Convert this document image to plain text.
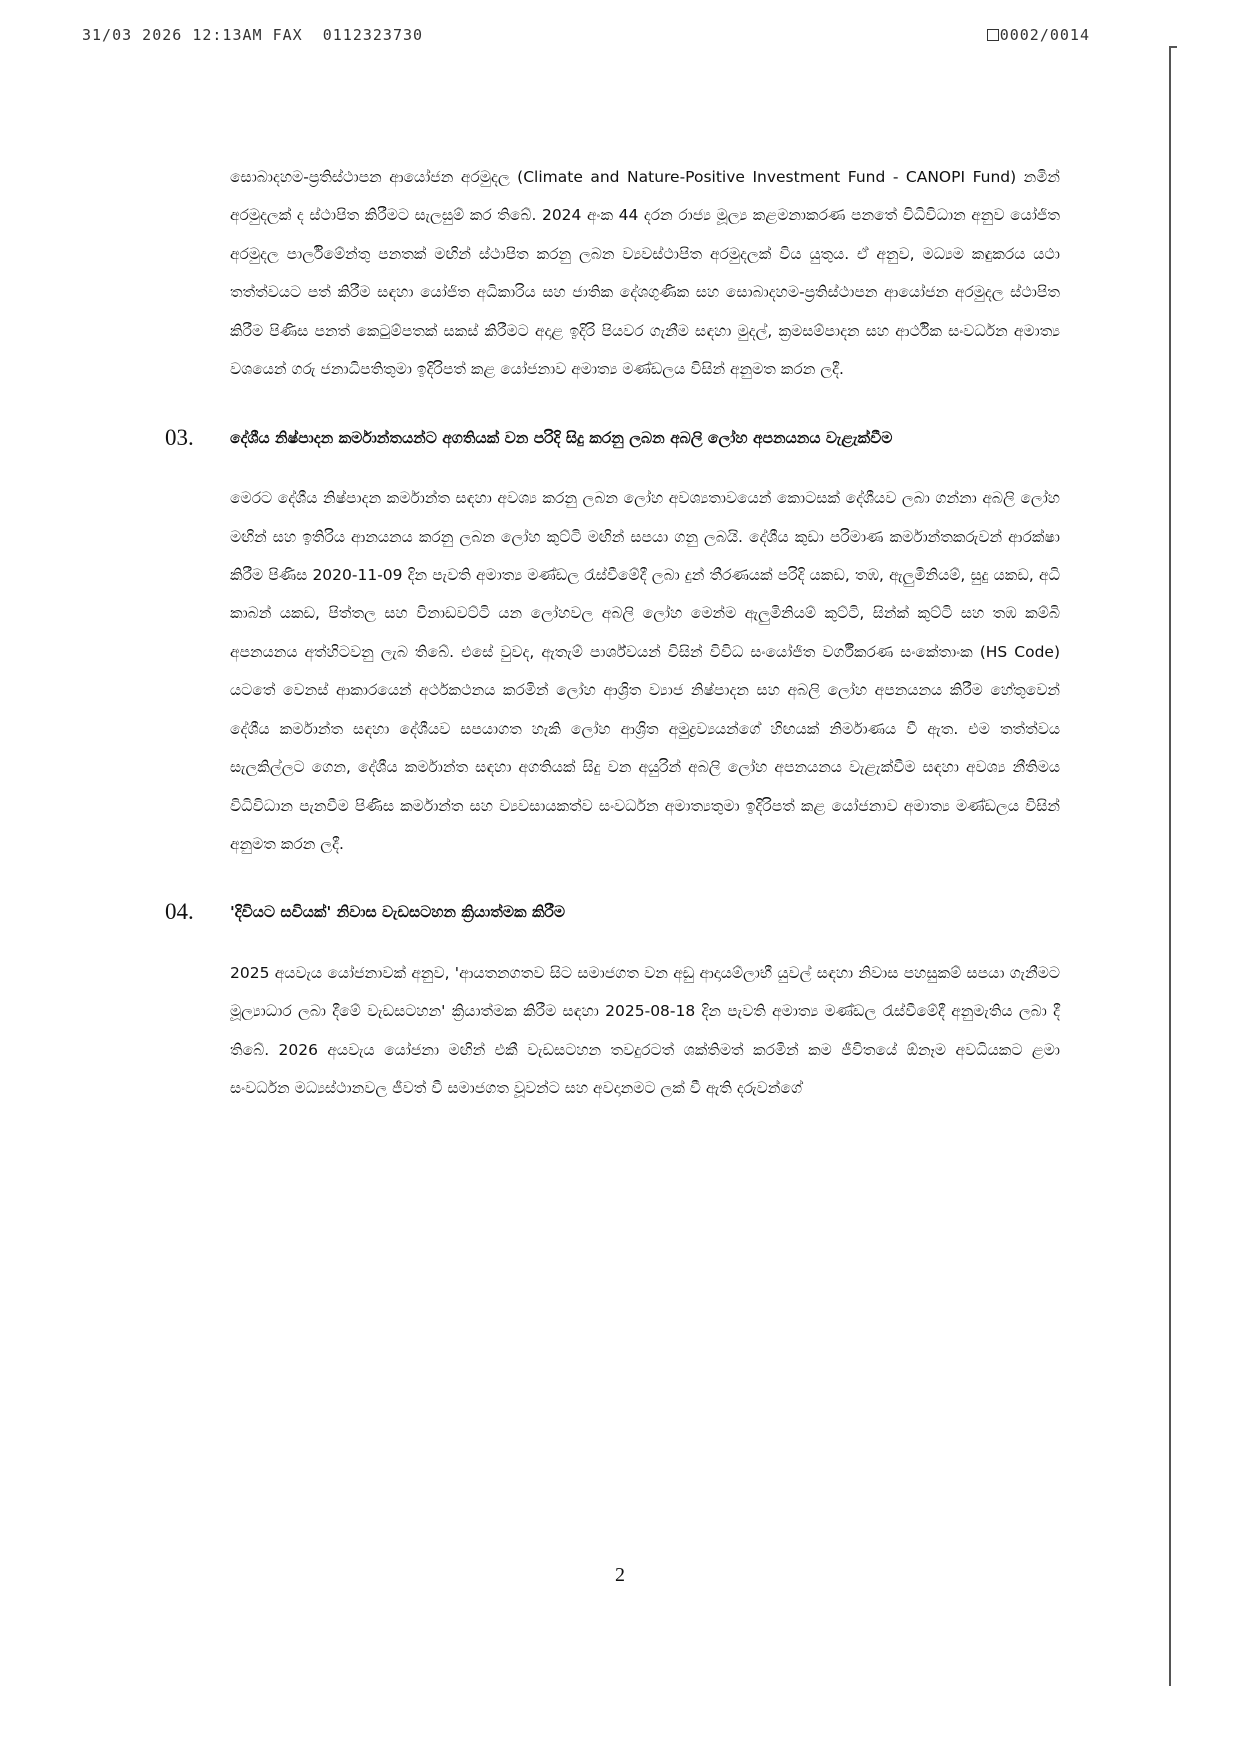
31/03 2026 12:13AM FAX 0112323730	0002/0014

සොබාදහම-ප්‍රතිස්ථාපන ආයෝජන අරමුදල (Climate and Nature-Positive Investment Fund - CANOPI Fund) නමින් අරමුදලක් ද ස්ථාපිත කිරීමට සැලසුම් කර තිබේ. 2024 අංක 44 දරන රාජ්‍ය මූල්‍ය කළමනාකරණ පනතේ විධිවිධාන අනුව යෝජිත අරමුදල පාර්ලිමේන්තු පනතක් මඟින් ස්ථාපිත කරනු ලබන ව්‍යවස්ථාපිත අරමුදලක් විය යුතුය. ඒ අනුව, මධ්‍යම කඳුකරය යථා තත්ත්වයට පත් කිරීම සඳහා යෝජිත අධිකාරිය සහ ජාතික දේශගුණික සහ සොබාදහම-ප්‍රතිස්ථාපන ආයෝජන අරමුදල ස්ථාපිත කිරීම පිණිස පනත් කෙටුම්පතක් සකස් කිරීමට අදාළ ඉදිරි පියවර ගැනීම සඳහා මුදල්, ක්‍රමසම්පාදන සහ ආර්ථික සංවර්ධන අමාත්‍ය වශයෙන් ගරු ජනාධිපතිතුමා ඉදිරිපත් කළ යෝජනාව අමාත්‍ය මණ්ඩලය විසින් අනුමත කරන ලදී.

03. දේශීය නිෂ්පාදන කර්මාන්තයන්ට අගතියක් වන පරිදි සිදු කරනු ලබන අබලි ලෝහ අපනයනය වැළැක්වීම

මෙරට දේශීය නිෂ්පාදන කර්මාන්ත සඳහා අවශ්‍ය කරනු ලබන ලෝහ අවශ්‍යතාවයෙන් කොටසක් දේශීයව ලබා ගන්නා අබලි ලෝහ මඟින් සහ ඉතිරිය ආනයනය කරනු ලබන ලෝහ කුට්ටි මඟින් සපයා ගනු ලබයි. දේශීය කුඩා පරිමාණ කර්මාන්තකරුවන් ආරක්ෂා කිරීම පිණිස 2020-11-09 දින පැවති අමාත්‍ය මණ්ඩල රැස්වීමේදී ලබා දුන් තීරණයක් පරිදි යකඩ, තඹ, ඇලුමිනියම්, සුදු යකඩ, අධි කාබන් යකඩ, පිත්තල සහ විනාඩවට්ටි යන ලෝහවල අබලි ලෝහ මෙන්ම ඇලුමිනියම් කුට්ටි, සින්ක් කුට්ටි සහ තඹ කම්බි අපනයනය අත්හිටවනු ලැබ තිබේ. එසේ වුවද, ඇතැම් පාර්ශ්වයන් විසින් විවිධ සංයෝජිත වර්ගීකරණ සංකේතාංක (HS Code) යටතේ වෙනස් ආකාරයෙන් අර්ථකථනය කරමින් ලෝහ ආශ්‍රිත ව්‍යාජ නිෂ්පාදන සහ අබලි ලෝහ අපනයනය කිරීම හේතුවෙන් දේශීය කර්මාන්ත සඳහා දේශීයව සපයාගත හැකි ලෝහ ආශ්‍රිත අමුද්‍රව්‍යයන්ගේ හිඟයක් නිර්මාණය වී ඇත. එම තත්ත්වය සැලකිල්ලට ගෙන, දේශීය කර්මාන්ත සඳහා අගතියක් සිදු වන අයුරින් අබලි ලෝහ අපනයනය වැළැක්වීම සඳහා අවශ්‍ය නීතිමය විධිවිධාන පැනවීම පිණිස කර්මාන්ත සහ ව්‍යවසායකත්ව සංවර්ධන අමාත්‍යතුමා ඉදිරිපත් කළ යෝජනාව අමාත්‍ය මණ්ඩලය විසින් අනුමත කරන ලදී.

04. 'දිවියට සවියක්' නිවාස වැඩසටහන ක්‍රියාත්මක කිරීම

2025 අයවැය යෝජනාවක් අනුව, 'ආයතනගතව සිට සමාජගත වන අඩු ආදායම්ලාභී යුවල් සඳහා නිවාස පහසුකම් සපයා ගැනීමට මූල්‍යාධාර ලබා දීමේ වැඩසටහන' ක්‍රියාත්මක කිරීම සඳහා 2025-08-18 දින පැවති අමාත්‍ය මණ්ඩල රැස්වීමේදී අනුමැතිය ලබා දී තිබේ. 2026 අයවැය යෝජනා මඟින් එකී වැඩසටහන තවදුරටත් ශක්තිමත් කරමින් කම ජීවිතයේ ඕනෑම අවධියකට ළමා සංවර්ධන මධ්‍යස්ථානවල ජීවත් වී සමාජගත වූවන්ට සහ අවදානමට ලක් වී ඇති දරුවන්ගේ

2
